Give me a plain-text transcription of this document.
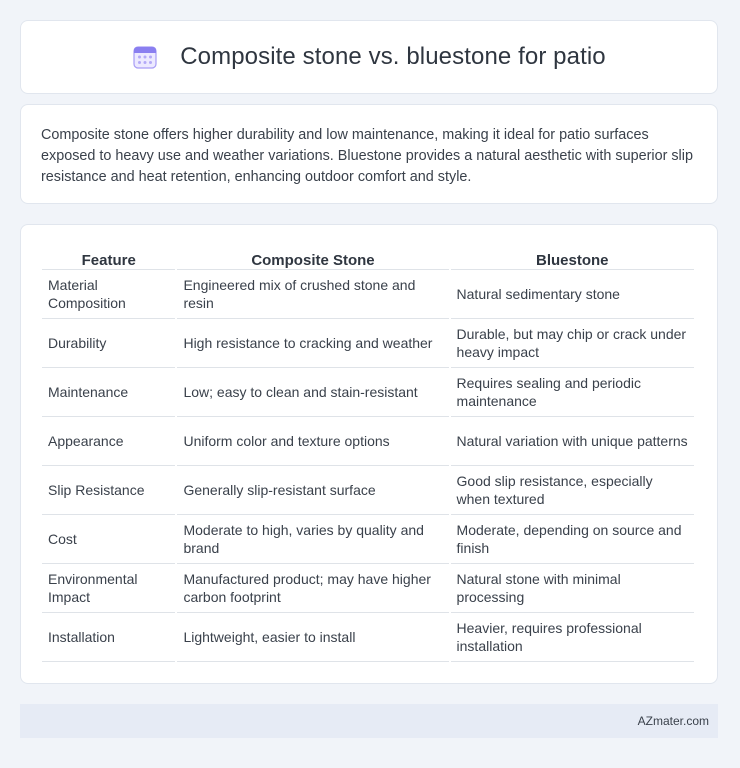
Composite stone vs. bluestone for patio

Composite stone offers higher durability and low maintenance, making it ideal for patio surfaces exposed to heavy use and weather variations. Bluestone provides a natural aesthetic with superior slip resistance and heat retention, enhancing outdoor comfort and style.

Feature	Composite Stone	Bluestone
Material Composition	Engineered mix of crushed stone and resin	Natural sedimentary stone
Durability	High resistance to cracking and weather	Durable, but may chip or crack under heavy impact
Maintenance	Low; easy to clean and stain-resistant	Requires sealing and periodic maintenance
Appearance	Uniform color and texture options	Natural variation with unique patterns
Slip Resistance	Generally slip-resistant surface	Good slip resistance, especially when textured
Cost	Moderate to high, varies by quality and brand	Moderate, depending on source and finish
Environmental Impact	Manufactured product; may have higher carbon footprint	Natural stone with minimal processing
Installation	Lightweight, easier to install	Heavier, requires professional installation
AZmater.com
